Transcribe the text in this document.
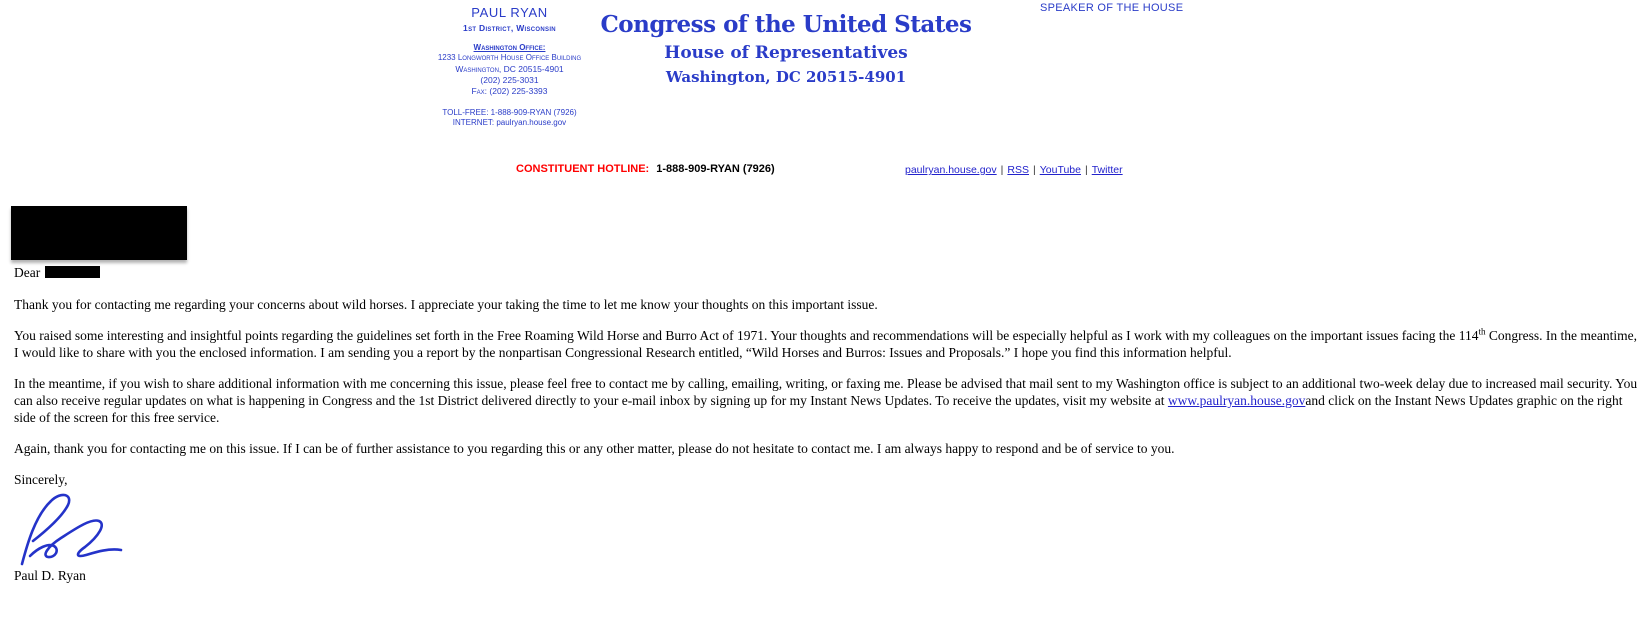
PAUL RYAN
1st District, Wisconsin
Washington Office:
1233 Longworth House Office Building
Washington, DC 20515-4901
(202) 225-3031
Fax: (202) 225-3393
TOLL-FREE: 1-888-909-RYAN (7926)
INTERNET: paulryan.house.gov
Congress of the United States
House of Representatives
Washington, DC 20515-4901
SPEAKER OF THE HOUSE
CONSTITUENT HOTLINE: 1-888-909-RYAN (7926)	paulryan.house.gov | RSS | YouTube | Twitter
Dear

Thank you for contacting me regarding your concerns about wild horses. I appreciate your taking the time to let me know your thoughts on this important issue.

You raised some interesting and insightful points regarding the guidelines set forth in the Free Roaming Wild Horse and Burro Act of 1971. Your thoughts and recommendations will be especially helpful as I work with my colleagues on the important issues facing the 114th Congress. In the meantime, I would like to share with you the enclosed information. I am sending you a report by the nonpartisan Congressional Research entitled, “Wild Horses and Burros: Issues and Proposals.” I hope you find this information helpful.

In the meantime, if you wish to share additional information with me concerning this issue, please feel free to contact me by calling, emailing, writing, or faxing me. Please be advised that mail sent to my Washington office is subject to an additional two-week delay due to increased mail security. You can also receive regular updates on what is happening in Congress and the 1st District delivered directly to your e-mail inbox by signing up for my Instant News Updates. To receive the updates, visit my website at www.paulryan.house.govand click on the Instant News Updates graphic on the right side of the screen for this free service.

Again, thank you for contacting me on this issue. If I can be of further assistance to you regarding this or any other matter, please do not hesitate to contact me. I am always happy to respond and be of service to you.

Sincerely,
Paul D. Ryan
